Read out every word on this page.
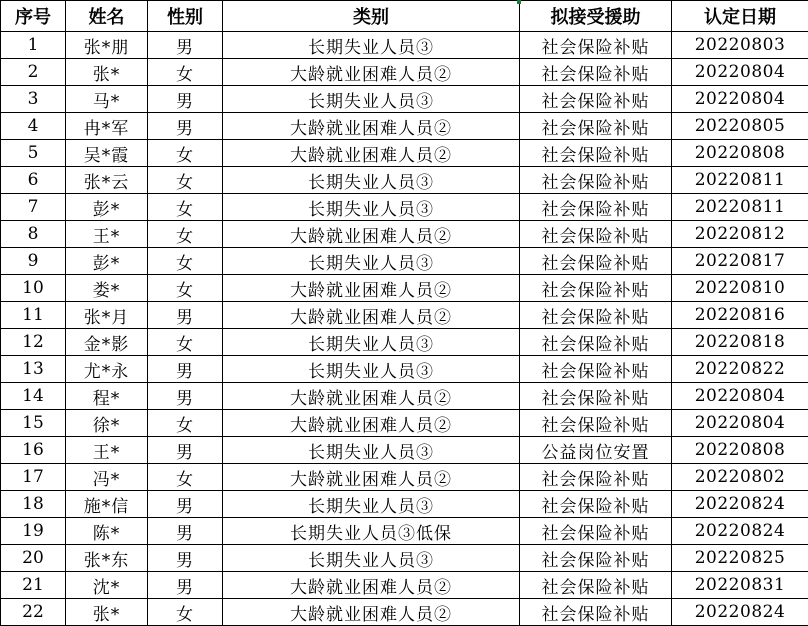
序号	姓名	性别	类别	拟接受援助	认定日期
1	张*朋	男	长期失业人员③	社会保险补贴	20220803
2	张*	女	大龄就业困难人员②	社会保险补贴	20220804
3	马*	男	长期失业人员③	社会保险补贴	20220804
4	冉*军	男	大龄就业困难人员②	社会保险补贴	20220805
5	吴*霞	女	大龄就业困难人员②	社会保险补贴	20220808
6	张*云	女	长期失业人员③	社会保险补贴	20220811
7	彭*	女	长期失业人员③	社会保险补贴	20220811
8	王*	女	大龄就业困难人员②	社会保险补贴	20220812
9	彭*	女	长期失业人员③	社会保险补贴	20220817
10	娄*	女	大龄就业困难人员②	社会保险补贴	20220810
11	张*月	男	大龄就业困难人员②	社会保险补贴	20220816
12	金*影	女	长期失业人员③	社会保险补贴	20220818
13	尤*永	男	长期失业人员③	社会保险补贴	20220822
14	程*	男	大龄就业困难人员②	社会保险补贴	20220804
15	徐*	女	大龄就业困难人员②	社会保险补贴	20220804
16	王*	男	长期失业人员③	公益岗位安置	20220808
17	冯*	女	大龄就业困难人员②	社会保险补贴	20220802
18	施*信	男	长期失业人员③	社会保险补贴	20220824
19	陈*	男	长期失业人员③低保	社会保险补贴	20220824
20	张*东	男	长期失业人员③	社会保险补贴	20220825
21	沈*	男	大龄就业困难人员②	社会保险补贴	20220831
22	张*	女	大龄就业困难人员②	社会保险补贴	20220824
